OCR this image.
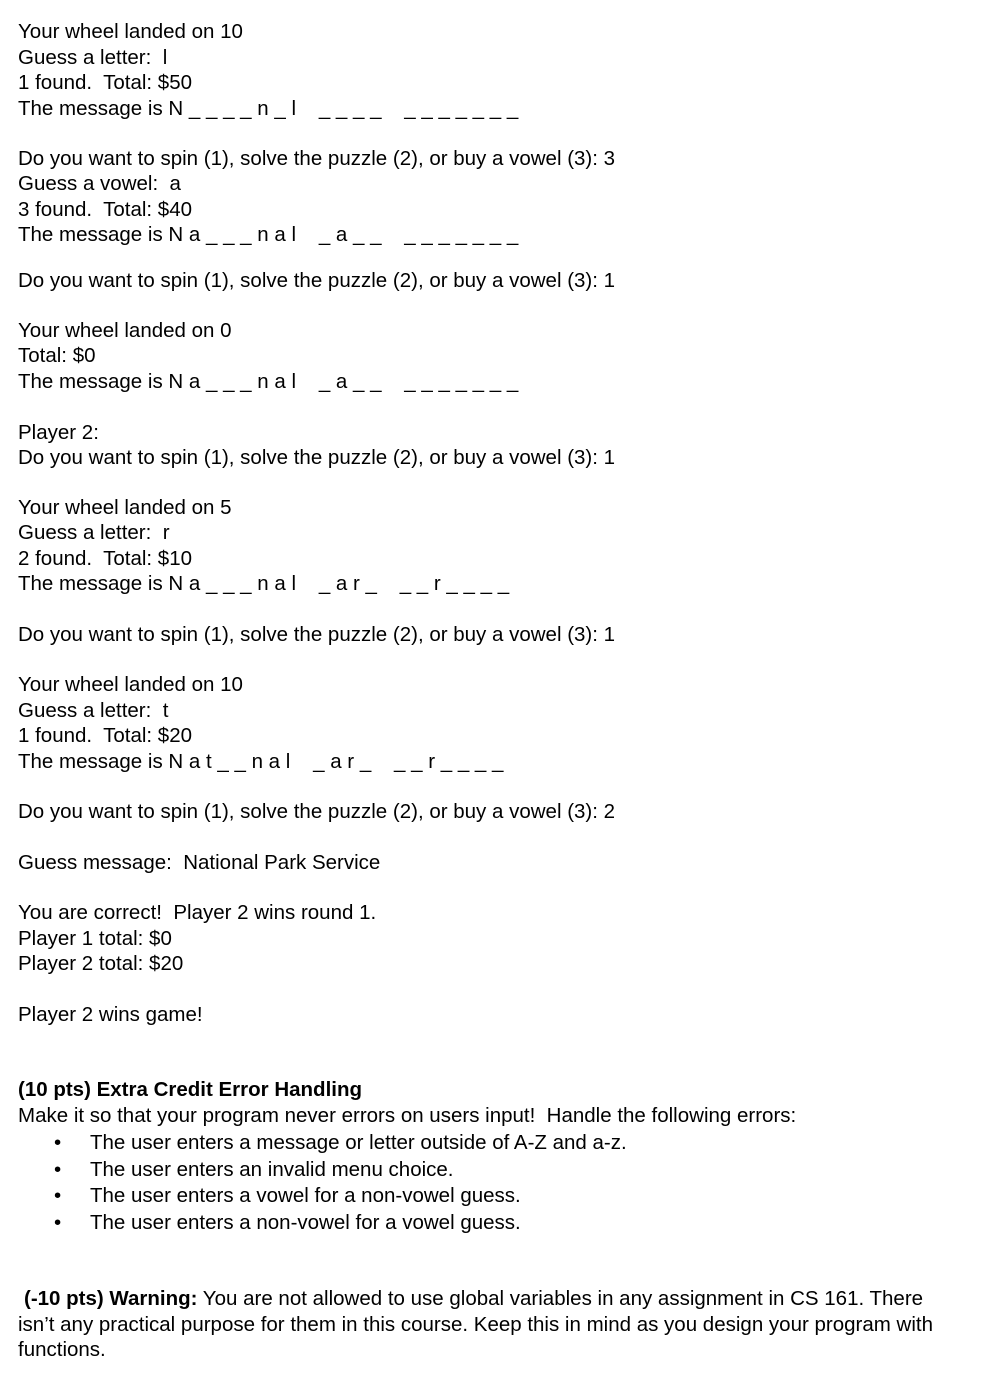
Your wheel landed on 10
Guess a letter:  l
1 found.  Total: $50
The message is N _ _ _ _ n _ l    _ _ _ _    _ _ _ _ _ _ _
Do you want to spin (1), solve the puzzle (2), or buy a vowel (3): 3
Guess a vowel:  a
3 found.  Total: $40
The message is N a _ _ _ n a l    _ a _ _    _ _ _ _ _ _ _
Do you want to spin (1), solve the puzzle (2), or buy a vowel (3): 1
Your wheel landed on 0
Total: $0
The message is N a _ _ _ n a l    _ a _ _    _ _ _ _ _ _ _
Player 2:
Do you want to spin (1), solve the puzzle (2), or buy a vowel (3): 1
Your wheel landed on 5
Guess a letter:  r
2 found.  Total: $10
The message is N a _ _ _ n a l    _ a r _    _ _ r _ _ _ _
Do you want to spin (1), solve the puzzle (2), or buy a vowel (3): 1
Your wheel landed on 10
Guess a letter:  t
1 found.  Total: $20
The message is N a t _ _ n a l    _ a r _    _ _ r _ _ _ _
Do you want to spin (1), solve the puzzle (2), or buy a vowel (3): 2
Guess message:  National Park Service
You are correct!  Player 2 wins round 1.
Player 1 total: $0
Player 2 total: $20
Player 2 wins game!
(10 pts) Extra Credit Error Handling
Make it so that your program never errors on users input!  Handle the following errors:
• The user enters a message or letter outside of A-Z and a-z.
• The user enters an invalid menu choice.
• The user enters a vowel for a non-vowel guess.
• The user enters a non-vowel for a vowel guess.
(-10 pts) Warning: You are not allowed to use global variables in any assignment in CS 161. There isn’t any practical purpose for them in this course. Keep this in mind as you design your program with functions.
